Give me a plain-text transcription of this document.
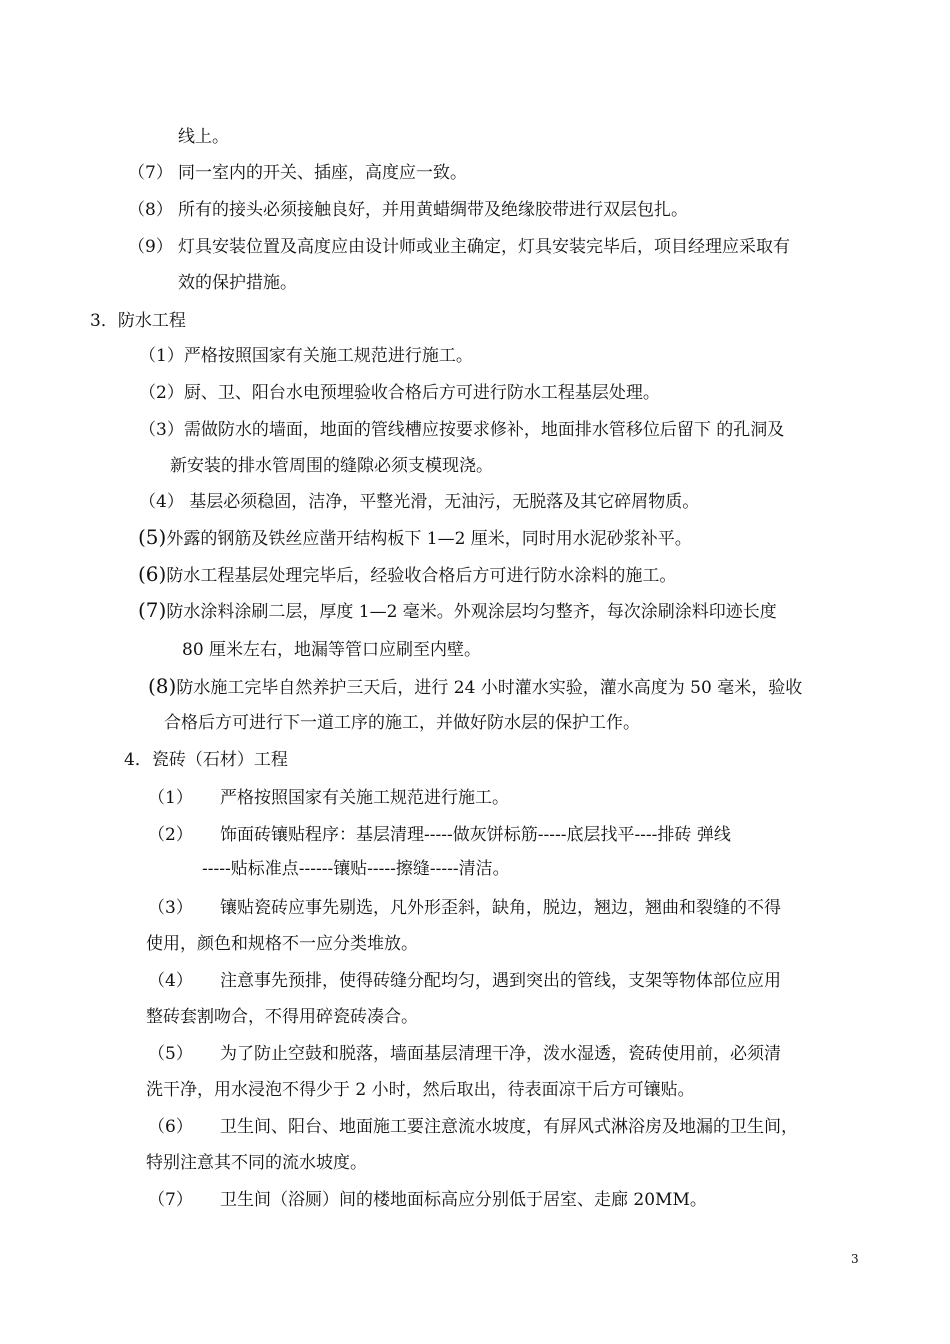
线上。
（7） 同一室内的开关、插座，高度应一致。
（8） 所有的接头必须接触良好，并用黄蜡绸带及绝缘胶带进行双层包扎。
（9） 灯具安装位置及高度应由设计师或业主确定，灯具安装完毕后，项目经理应采取有
效的保护措施。
3．防水工程
（1）严格按照国家有关施工规范进行施工。
（2）厨、卫、阳台水电预埋验收合格后方可进行防水工程基层处理。
（3）需做防水的墙面，地面的管线槽应按要求修补，地面排水管移位后留下 的孔洞及
新安装的排水管周围的缝隙必须支模现浇。
（4） 基层必须稳固，洁净，平整光滑，无油污，无脱落及其它碎屑物质。
(5)外露的钢筋及铁丝应凿开结构板下 1—2 厘米，同时用水泥砂浆补平。
(6)防水工程基层处理完毕后，经验收合格后方可进行防水涂料的施工。
(7)防水涂料涂刷二层，厚度 1—2 毫米。外观涂层均匀整齐，每次涂刷涂料印迹长度
80 厘米左右，地漏等管口应刷至内壁。
(8)防水施工完毕自然养护三天后，进行 24 小时灌水实验，灌水高度为 50 毫米，验收
合格后方可进行下一道工序的施工，并做好防水层的保护工作。
4．瓷砖（石材）工程
（1） 严格按照国家有关施工规范进行施工。
（2） 饰面砖镶贴程序：基层清理-----做灰饼标筋-----底层找平----排砖 弹线
-----贴标准点------镶贴-----擦缝-----清洁。
（3） 镶贴瓷砖应事先剔选，凡外形歪斜，缺角，脱边，翘边，翘曲和裂缝的不得
使用，颜色和规格不一应分类堆放。
（4） 注意事先预排，使得砖缝分配均匀，遇到突出的管线，支架等物体部位应用
整砖套割吻合，不得用碎瓷砖凑合。
（5） 为了防止空鼓和脱落，墙面基层清理干净，泼水湿透，瓷砖使用前，必须清
洗干净，用水浸泡不得少于 2 小时，然后取出，待表面凉干后方可镶贴。
（6） 卫生间、阳台、地面施工要注意流水坡度，有屏风式淋浴房及地漏的卫生间，
特别注意其不同的流水坡度。
（7） 卫生间（浴厕）间的楼地面标高应分别低于居室、走廊 20MM。
3
